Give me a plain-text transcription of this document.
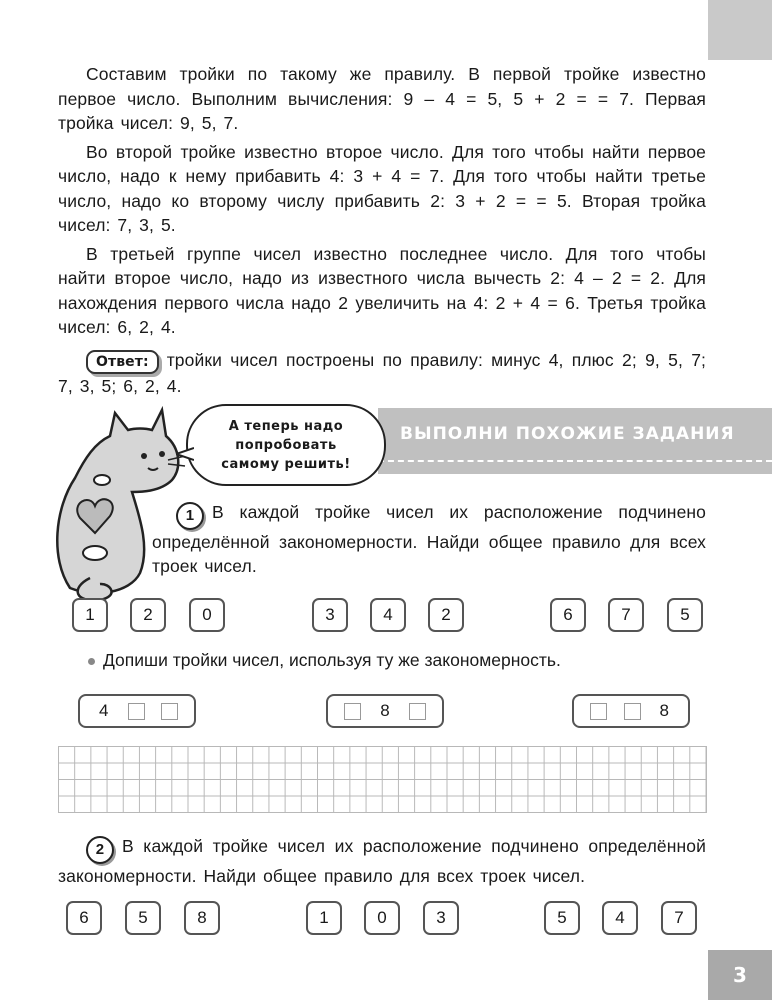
Составим тройки по такому же правилу. В первой тройке известно первое число. Выполним вычисления: 9 – 4 = 5, 5 + 2 = = 7. Первая тройка чисел: 9, 5, 7.

Во второй тройке известно второе число. Для того чтобы найти первое число, надо к нему прибавить 4: 3 + 4 = 7. Для того чтобы найти третье число, надо ко второму числу прибавить 2: 3 + 2 = = 5. Вторая тройка чисел: 7, 3, 5.

В третьей группе чисел известно последнее число. Для того чтобы найти второе число, надо из известного числа вычесть 2: 4 – 2 = 2. Для нахождения первого числа надо 2 увеличить на 4: 2 + 4 = 6. Третья тройка чисел: 6, 2, 4.

Ответ: тройки чисел построены по правилу: минус 4, плюс 2; 9, 5, 7; 7, 3, 5; 6, 2, 4.

ВЫПОЛНИ ПОХОЖИЕ ЗАДАНИЯ
А теперь надо
попробовать
самому решить!

1 В каждой тройке чисел их расположение подчинено определённой закономерности. Найди общее правило для всех троек чисел.

1	2	0	3	4	2	6	7	5
Допиши тройки чисел, используя ту же закономерность.
4	8	8

2 В каждой тройке чисел их расположение подчинено определённой закономерности. Найди общее правило для всех троек чисел.

6	5	8	1	0	3	5	4	7
3
